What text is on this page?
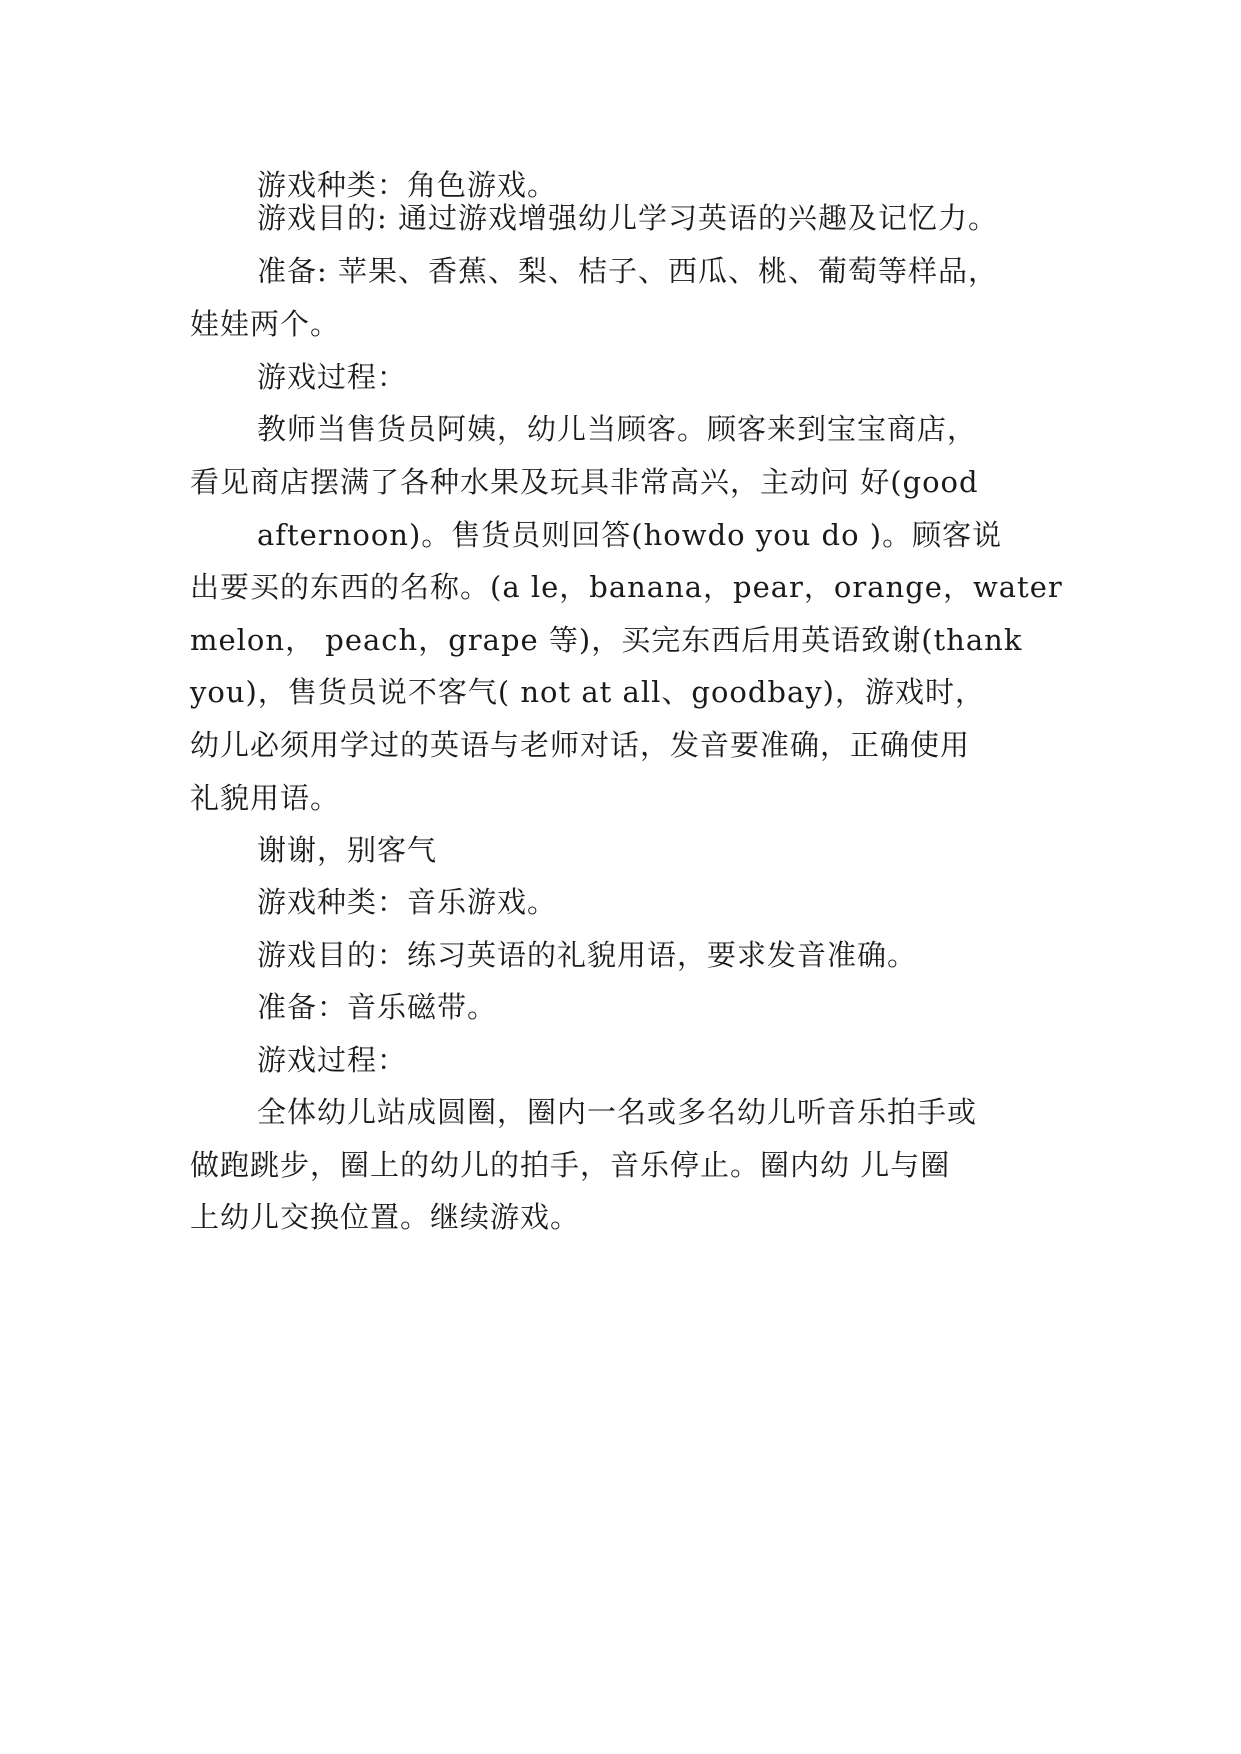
游戏种类：角色游戏。
游戏目的: 通过游戏增强幼儿学习英语的兴趣及记忆力。
准备: 苹果、香蕉、梨、桔子、西瓜、桃、葡萄等样品，
娃娃两个。
游戏过程：
教师当售货员阿姨，幼儿当顾客。顾客来到宝宝商店，
看见商店摆满了各种水果及玩具非常高兴，主动问 好(good
afternoon)。售货员则回答(howdo you do )。顾客说
出要买的东西的名称。(a le，banana，pear，orange，water
melon， peach，grape 等)，买完东西后用英语致谢(thank
you)，售货员说不客气( not at all、goodbay)，游戏时，
幼儿必须用学过的英语与老师对话，发音要准确，正确使用
礼貌用语。
谢谢，别客气
游戏种类：音乐游戏。
游戏目的：练习英语的礼貌用语，要求发音准确。
准备：音乐磁带。
游戏过程：
全体幼儿站成圆圈，圈内一名或多名幼儿听音乐拍手或
做跑跳步，圈上的幼儿的拍手，音乐停止。圈内幼 儿与圈
上幼儿交换位置。继续游戏。
